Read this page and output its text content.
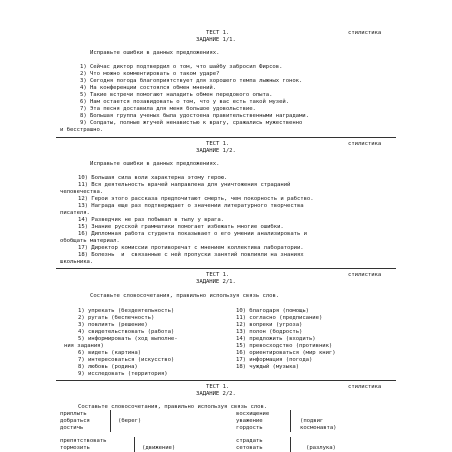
ТЕСТ 1.	стилистика
ЗАДАНИЕ 1/1.
Исправьте ошибки в данных предложениях.
1) Сейчас диктор подтвердил о том, что шайбу забросил Фирсов.
2) Что можно комментировать о таком ударе?
3) Сегодня погода благоприятствует для хорошего темпа лыжных гонок.
4) На конференции состоялся обмен мнений.
5) Такие встречи помогают наладить обмен передового опыта.
6) Нам остается позавидовать о том, что у вас есть такой музей.
7) Эта песня доставила для меня большое удовольствие.
8) Большая группа ученых была удостоена правительственными наградами.
9) Солдаты, полные жгучей ненавистью к врагу, сражались мужественно
и бесстрашно.
ТЕСТ 1.	стилистика
ЗАДАНИЕ 1/2.
Исправьте ошибки в данных предложениях.
10) Большая сила воли характерна этому герою.
11) Вся деятельность врачей направлена для уничтожения страданий
человечества.
12) Герои этого рассказа предпочитают смерть, чем покорность и рабство.
13) Награда еще раз подтверждает о значении литературного творчества
писателя.
14) Разведчик не раз побывал в тылу у врага.
15) Знание русской грамматики помогает избежать многие ошибки.
16) Дипломная работа студента показывает о его умении анализировать и
обобщать материал.
17) Директор комиссии противоречат с мнением коллектива лаборатории.
18) Болезнь  и  связанные с ней пропуски занятий повлияли на знаниях
школьника.
ТЕСТ 1.	стилистика
ЗАДАНИЕ 2/1.
Составьте словосочетания, правильно используя связь слов.
1) упрекать (бездеятельность)
2) ругать (беспечность)
3) повлиять (решение)
4) свидетельствовать (работа)
5) информировать (ход выполне-
ния задания)
6) видеть (картина)
7) интересоваться (искусство)
8) любовь (родина)
9) исследовать (территория)
10) благодаря (помощь)
11) согласно (предписание)
12) вопреки (угроза)
13) полон (бодрость)
14) предложить (входить)
15) превосходство (противник)
16) ориентироваться (мир книг)
17) информация (погода)
18) чуждый (музыка)
ТЕСТ 1.	стилистика
ЗАДАНИЕ 2/2.
Составьте словосочетания, правильно используя связь слов.
приплыть
добраться
достичь
(берег)
восхищение
уважение
гордость
(подвиг
космонавта)
препятствовать
тормозить	(движение)
страдать
сетовать	(разлука)
